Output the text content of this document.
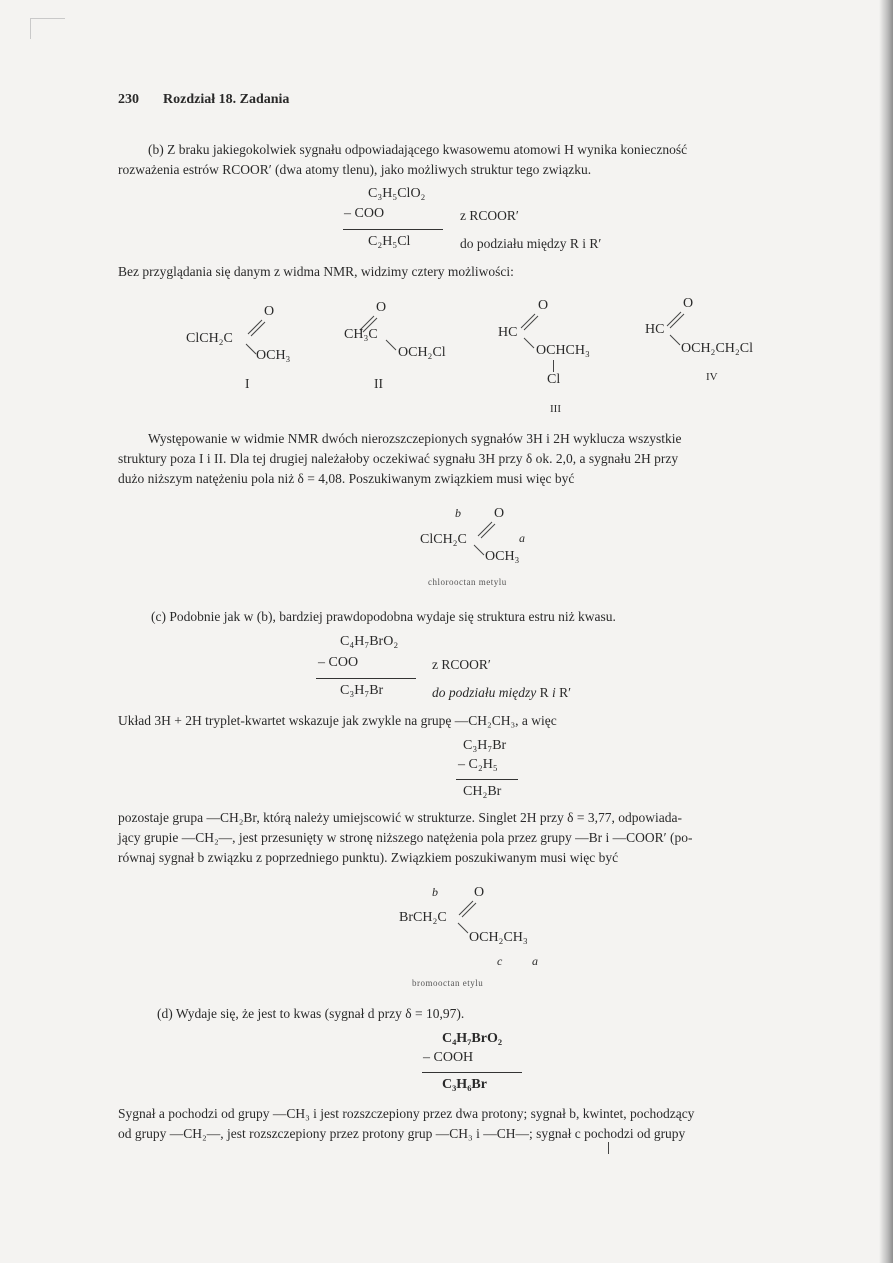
230 Rozdział 18. Zadania
(b) Z braku jakiegokolwiek sygnału odpowiadającego kwasowemu atomowi H wynika konieczność
rozważenia estrów RCOOR′ (dwa atomy tlenu), jako możliwych struktur tego związku.
C₃H₅ClO₂
– COO	z RCOOR′
C₂H₅Cl	do podziału między R i R′
Bez przyglądania się danym z widma NMR, widzimy cztery możliwości:
O
ClCH₂C
OCH₃
I
O
CH₃C
OCH₂Cl
II
O
HC
OCHCH₃
Cl
III
O
HC
OCH₂CH₂Cl
IV
Występowanie w widmie NMR dwóch nierozszczepionych sygnałów 3H i 2H wyklucza wszystkie
struktury poza I i II. Dla tej drugiej należałoby oczekiwać sygnału 3H przy δ ok. 2,0, a sygnału 2H przy
dużo niższym natężeniu pola niż δ = 4,08. Poszukiwanym związkiem musi więc być
b O
a
ClCH₂C
OCH₃
chlorooctan metylu
(c) Podobnie jak w (b), bardziej prawdopodobna wydaje się struktura estru niż kwasu.
C₄H₇BrO₂
– COO	z RCOOR′
C₃H₇Br	do podziału między R i R′
Układ 3H + 2H tryplet-kwartet wskazuje jak zwykle na grupę —CH₂CH₃, a więc
C₃H₇Br
– C₂H₅
CH₂Br
pozostaje grupa —CH₂Br, którą należy umiejscowić w strukturze. Singlet 2H przy δ = 3,77, odpowiada-
jący grupie —CH₂—, jest przesunięty w stronę niższego natężenia pola przez grupy —Br i —COOR′ (po-
równaj sygnał b związku z poprzedniego punktu). Związkiem poszukiwanym musi więc być
b	O
BrCH₂C
OCH₂CH₃
c a
bromooctan etylu
(d) Wydaje się, że jest to kwas (sygnał d przy δ = 10,97).
C₄H₇BrO₂
– COOH
C₃H₆Br
Sygnał a pochodzi od grupy —CH₃ i jest rozszczepiony przez dwa protony; sygnał b, kwintet, pochodzący
od grupy —CH₂—, jest rozszczepiony przez protony grup —CH₃ i —CH—; sygnał c pochodzi od grupy
